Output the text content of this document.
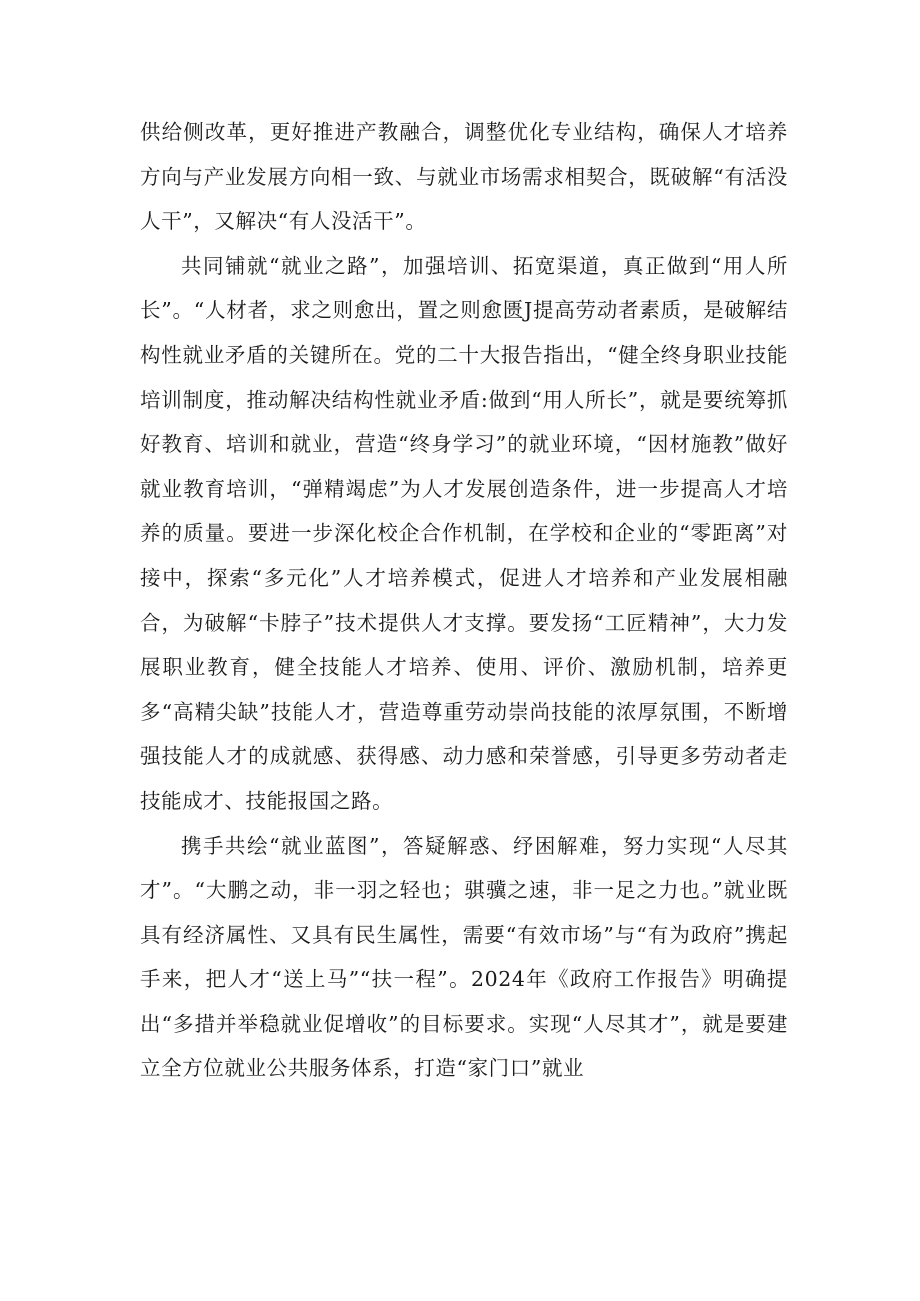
供给侧改革，更好推进产教融合，调整优化专业结构，确保人才培养方向与产业发展方向相一致、与就业市场需求相契合，既破解“有活没人干”，又解决“有人没活干”。

共同铺就“就业之路”，加强培训、拓宽渠道，真正做到“用人所长”。“人材者，求之则愈出，置之则愈匮J提高劳动者素质，是破解结构性就业矛盾的关键所在。党的二十大报告指出，“健全终身职业技能培训制度，推动解决结构性就业矛盾:做到“用人所长”，就是要统筹抓好教育、培训和就业，营造“终身学习”的就业环境，“因材施教”做好就业教育培训，“弹精竭虑”为人才发展创造条件，进一步提高人才培养的质量。要进一步深化校企合作机制，在学校和企业的“零距离”对接中，探索“多元化”人才培养模式，促进人才培养和产业发展相融合，为破解“卡脖子”技术提供人才支撑。要发扬“工匠精神”，大力发展职业教育，健全技能人才培养、使用、评价、激励机制，培养更多“高精尖缺”技能人才，营造尊重劳动崇尚技能的浓厚氛围，不断增强技能人才的成就感、获得感、动力感和荣誉感，引导更多劳动者走技能成才、技能报国之路。

携手共绘“就业蓝图”，答疑解惑、纾困解难，努力实现“人尽其才”。“大鹏之动，非一羽之轻也；骐骥之速，非一足之力也。”就业既具有经济属性、又具有民生属性，需要“有效市场”与“有为政府”携起手来，把人才“送上马”“扶一程”。2024年《政府工作报告》明确提出“多措并举稳就业促增收”的目标要求。实现“人尽其才”，就是要建立全方位就业公共服务体系，打造“家门口”就业
